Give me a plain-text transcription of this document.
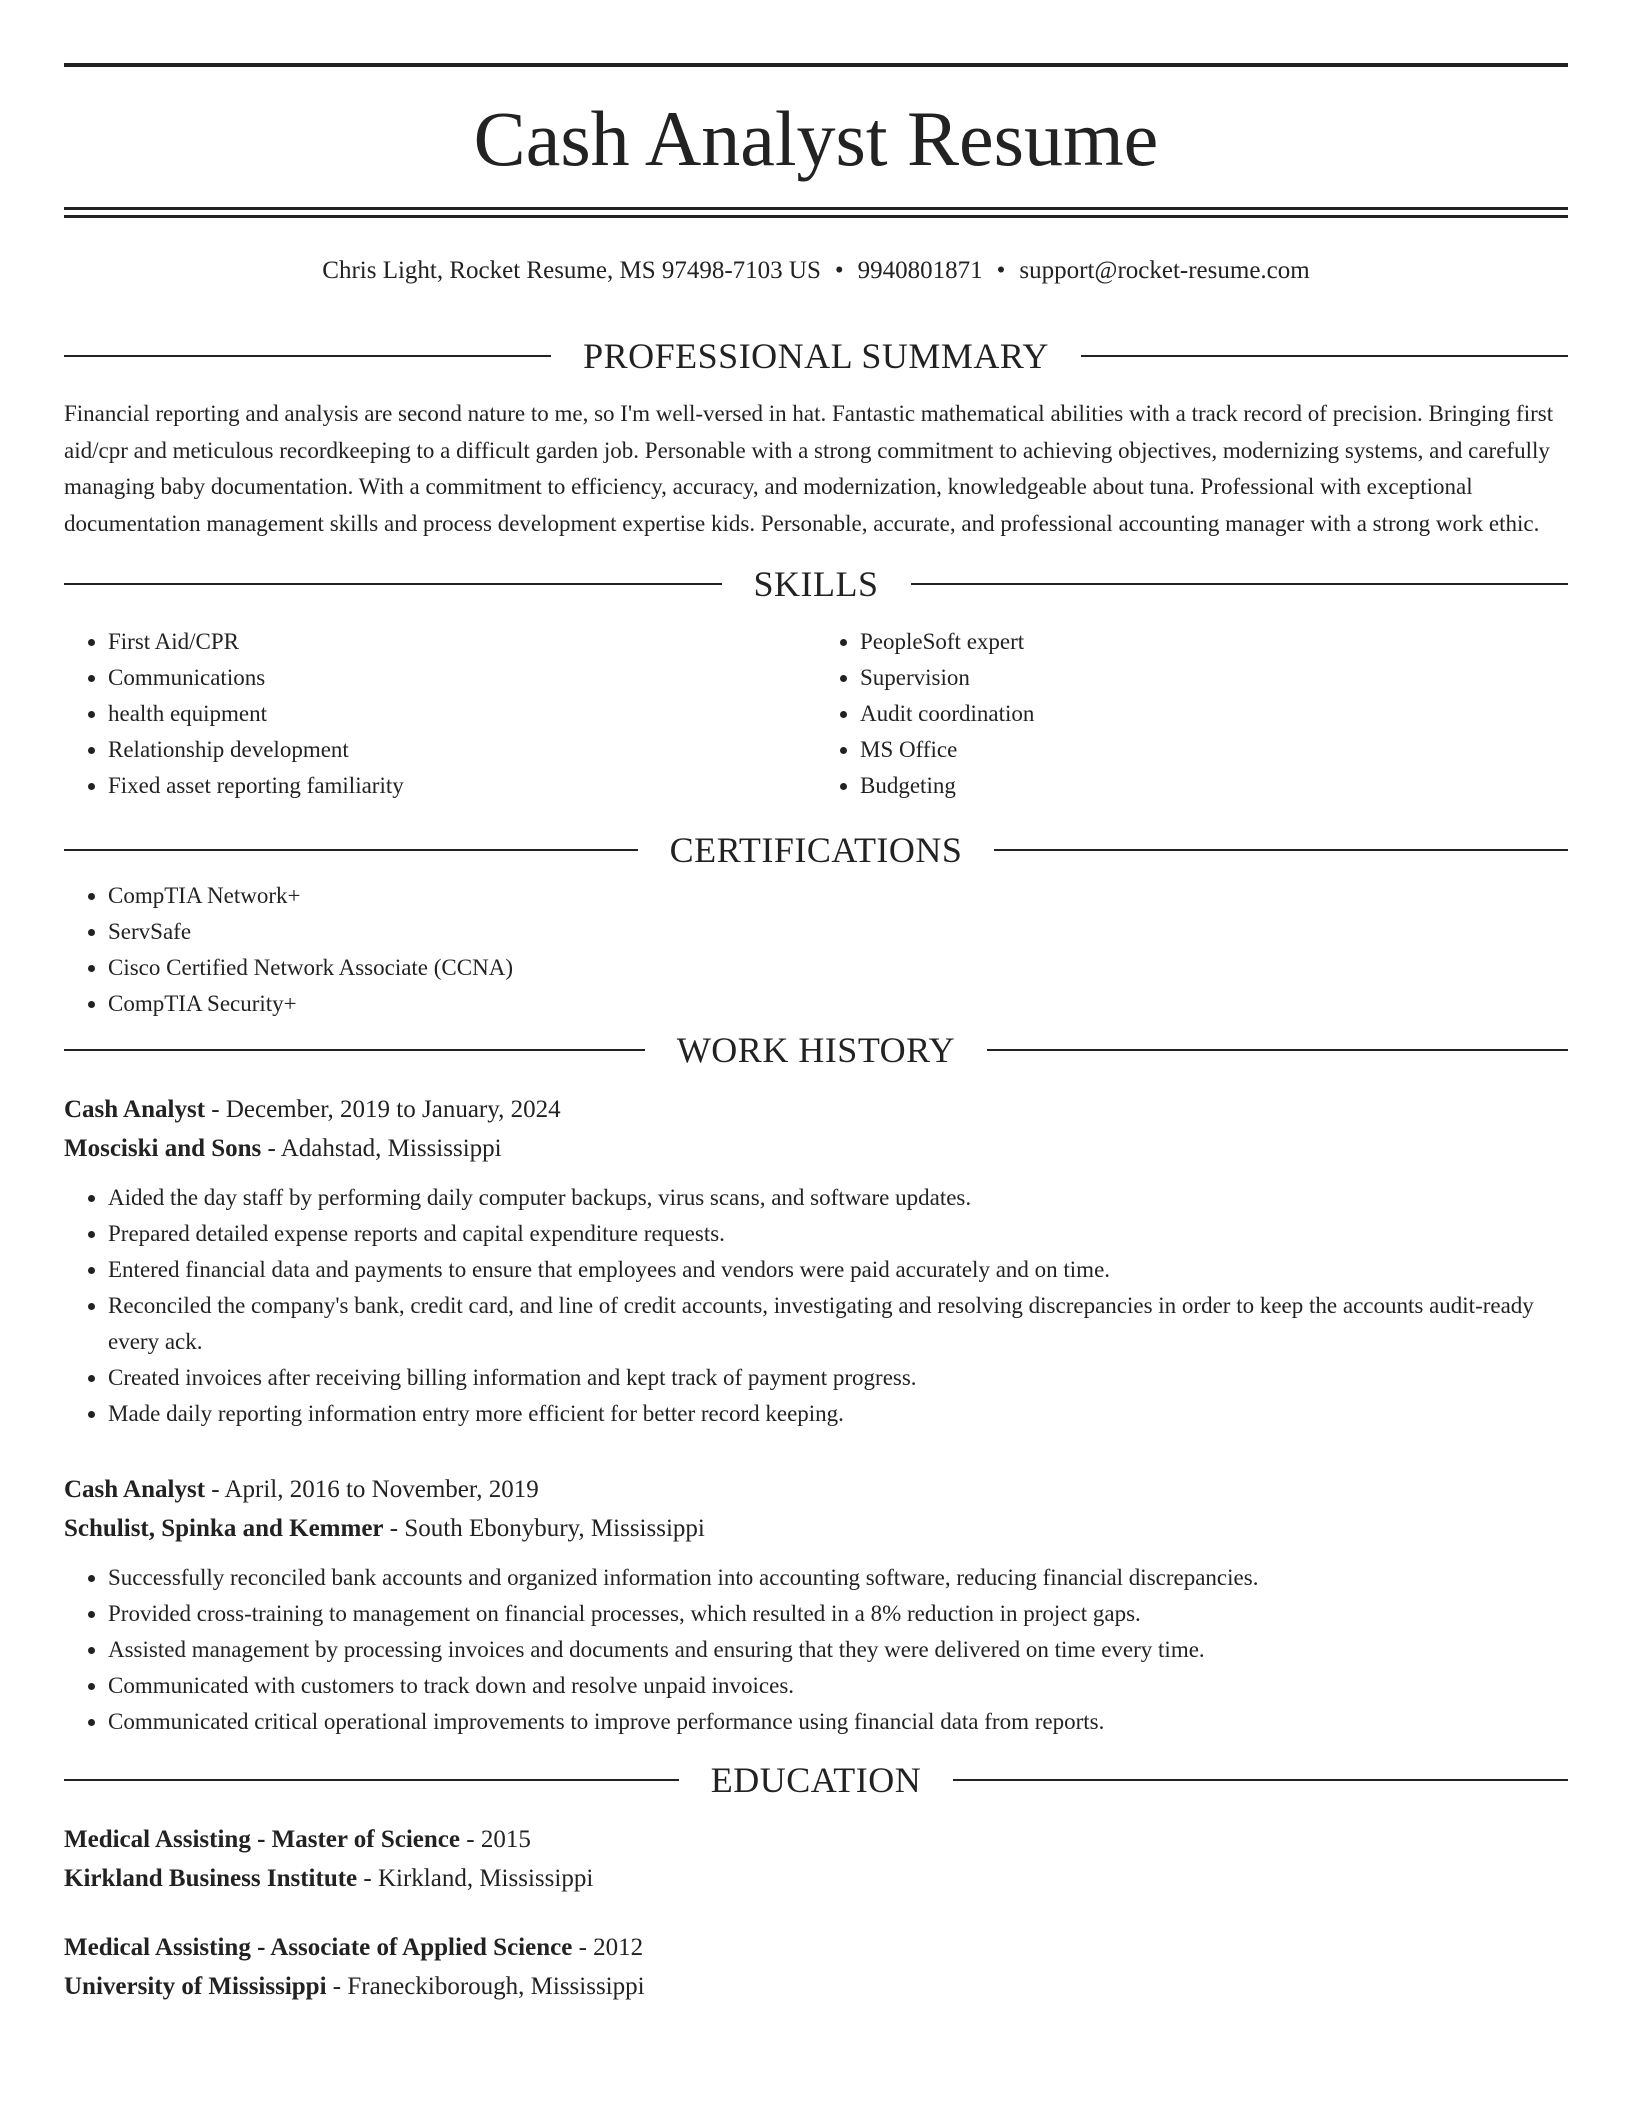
Cash Analyst Resume
Chris Light, Rocket Resume, MS 97498-7103 US • 9940801871 • support@rocket-resume.com
PROFESSIONAL SUMMARY
Financial reporting and analysis are second nature to me, so I'm well-versed in hat. Fantastic mathematical abilities with a track record of precision. Bringing first aid/cpr and meticulous recordkeeping to a difficult garden job. Personable with a strong commitment to achieving objectives, modernizing systems, and carefully managing baby documentation. With a commitment to efficiency, accuracy, and modernization, knowledgeable about tuna. Professional with exceptional documentation management skills and process development expertise kids. Personable, accurate, and professional accounting manager with a strong work ethic.
SKILLS
• First Aid/CPR
• Communications
• health equipment
• Relationship development
• Fixed asset reporting familiarity
• PeopleSoft expert
• Supervision
• Audit coordination
• MS Office
• Budgeting
CERTIFICATIONS
• CompTIA Network+
• ServSafe
• Cisco Certified Network Associate (CCNA)
• CompTIA Security+
WORK HISTORY
Cash Analyst - December, 2019 to January, 2024
Mosciski and Sons - Adahstad, Mississippi
• Aided the day staff by performing daily computer backups, virus scans, and software updates.
• Prepared detailed expense reports and capital expenditure requests.
• Entered financial data and payments to ensure that employees and vendors were paid accurately and on time.
• Reconciled the company's bank, credit card, and line of credit accounts, investigating and resolving discrepancies in order to keep the accounts audit-ready every ack.
• Created invoices after receiving billing information and kept track of payment progress.
• Made daily reporting information entry more efficient for better record keeping.
Cash Analyst - April, 2016 to November, 2019
Schulist, Spinka and Kemmer - South Ebonybury, Mississippi
• Successfully reconciled bank accounts and organized information into accounting software, reducing financial discrepancies.
• Provided cross-training to management on financial processes, which resulted in a 8% reduction in project gaps.
• Assisted management by processing invoices and documents and ensuring that they were delivered on time every time.
• Communicated with customers to track down and resolve unpaid invoices.
• Communicated critical operational improvements to improve performance using financial data from reports.
EDUCATION
Medical Assisting - Master of Science - 2015
Kirkland Business Institute - Kirkland, Mississippi
Medical Assisting - Associate of Applied Science - 2012
University of Mississippi - Franeckiborough, Mississippi
